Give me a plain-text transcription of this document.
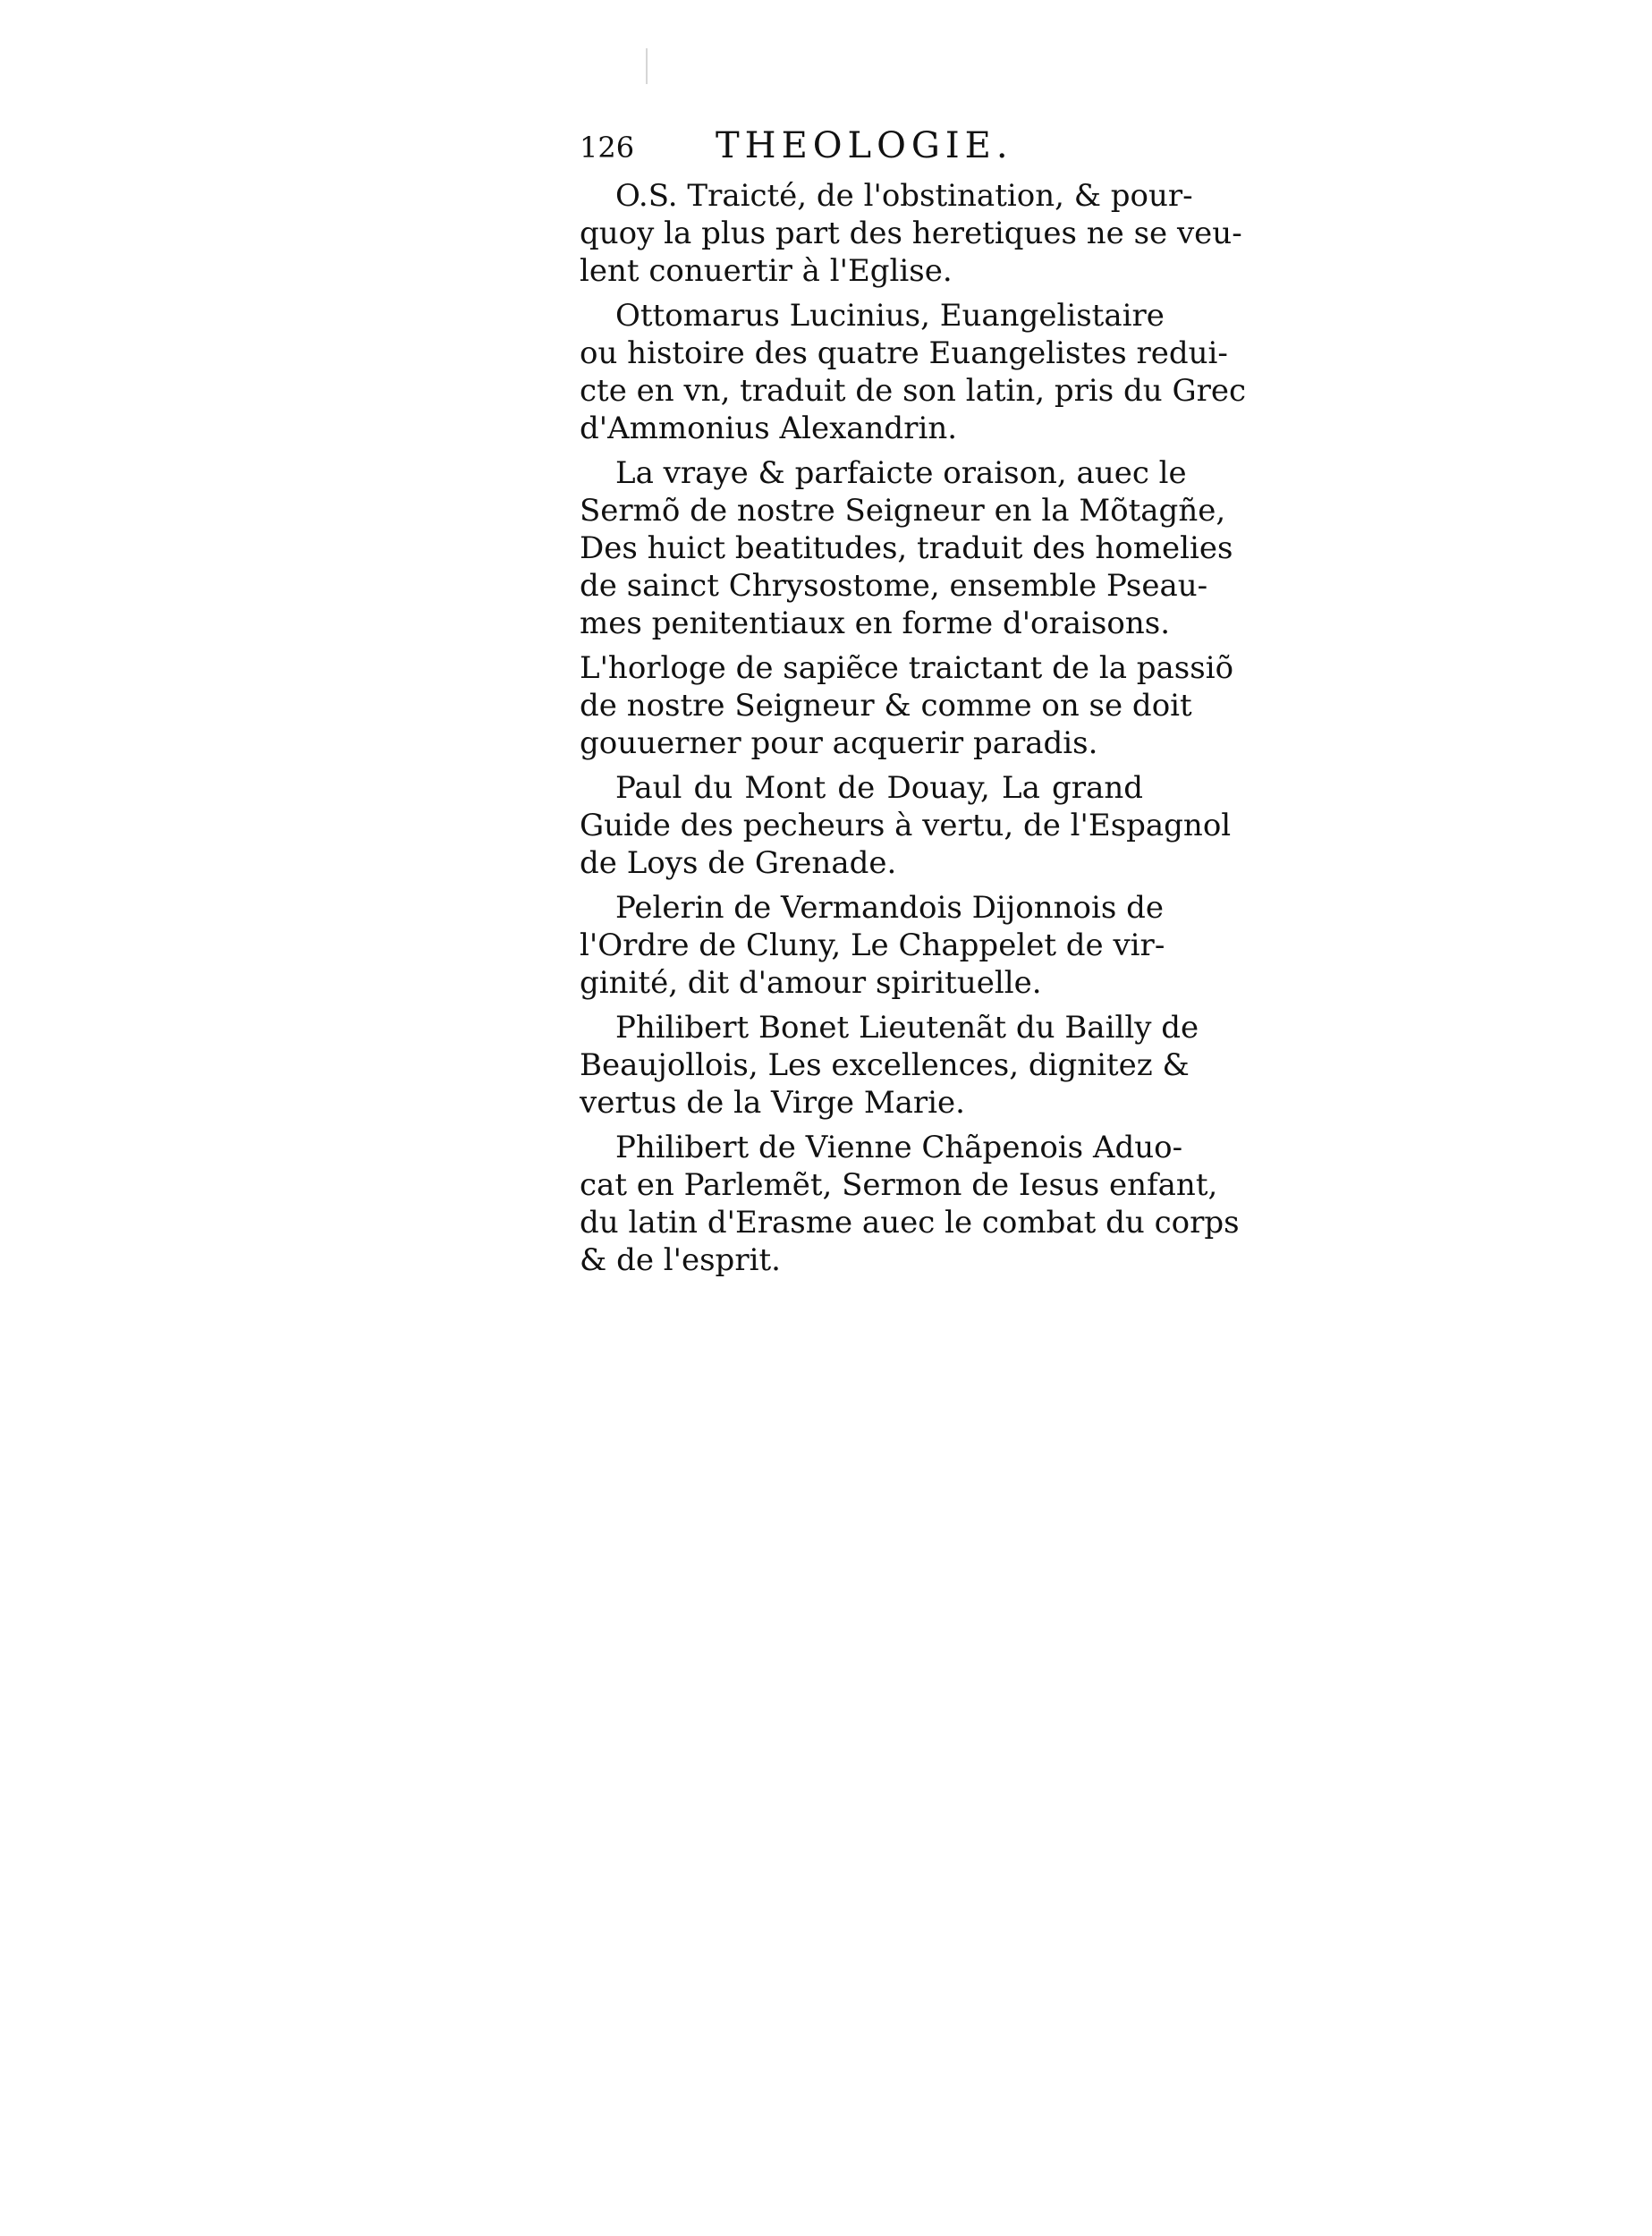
126 THEOLOGIE.
O.S. Traicté, de l'obstination, & pour-
quoy la plus part des heretiques ne se veu-
lent conuertir à l'Eglise.
Ottomarus Lucinius, Euangelistaire
ou histoire des quatre Euangelistes redui-
cte en vn, traduit de son latin, pris du Grec
d'Ammonius Alexandrin.
La vraye & parfaicte oraison, auec le
Sermõ de nostre Seigneur en la Mõtagñe,
Des huict beatitudes, traduit des homelies
de sainct Chrysostome, ensemble Pseau-
mes penitentiaux en forme d'oraisons.
L'horloge de sapiẽce traictant de la passiõ
de nostre Seigneur & comme on se doit
gouuerner pour acquerir paradis.
Paul du Mont de Douay, La grand
Guide des pecheurs à vertu, de l'Espagnol
de Loys de Grenade.
Pelerin de Vermandois Dijonnois de
l'Ordre de Cluny, Le Chappelet de vir-
ginité, dit d'amour spirituelle.
Philibert Bonet Lieutenãt du Bailly de
Beaujollois, Les excellences, dignitez &
vertus de la Virge Marie.
Philibert de Vienne Chãpenois Aduo-
cat en Parlemẽt, Sermon de Iesus enfant,
du latin d'Erasme auec le combat du corps
& de l'esprit.
